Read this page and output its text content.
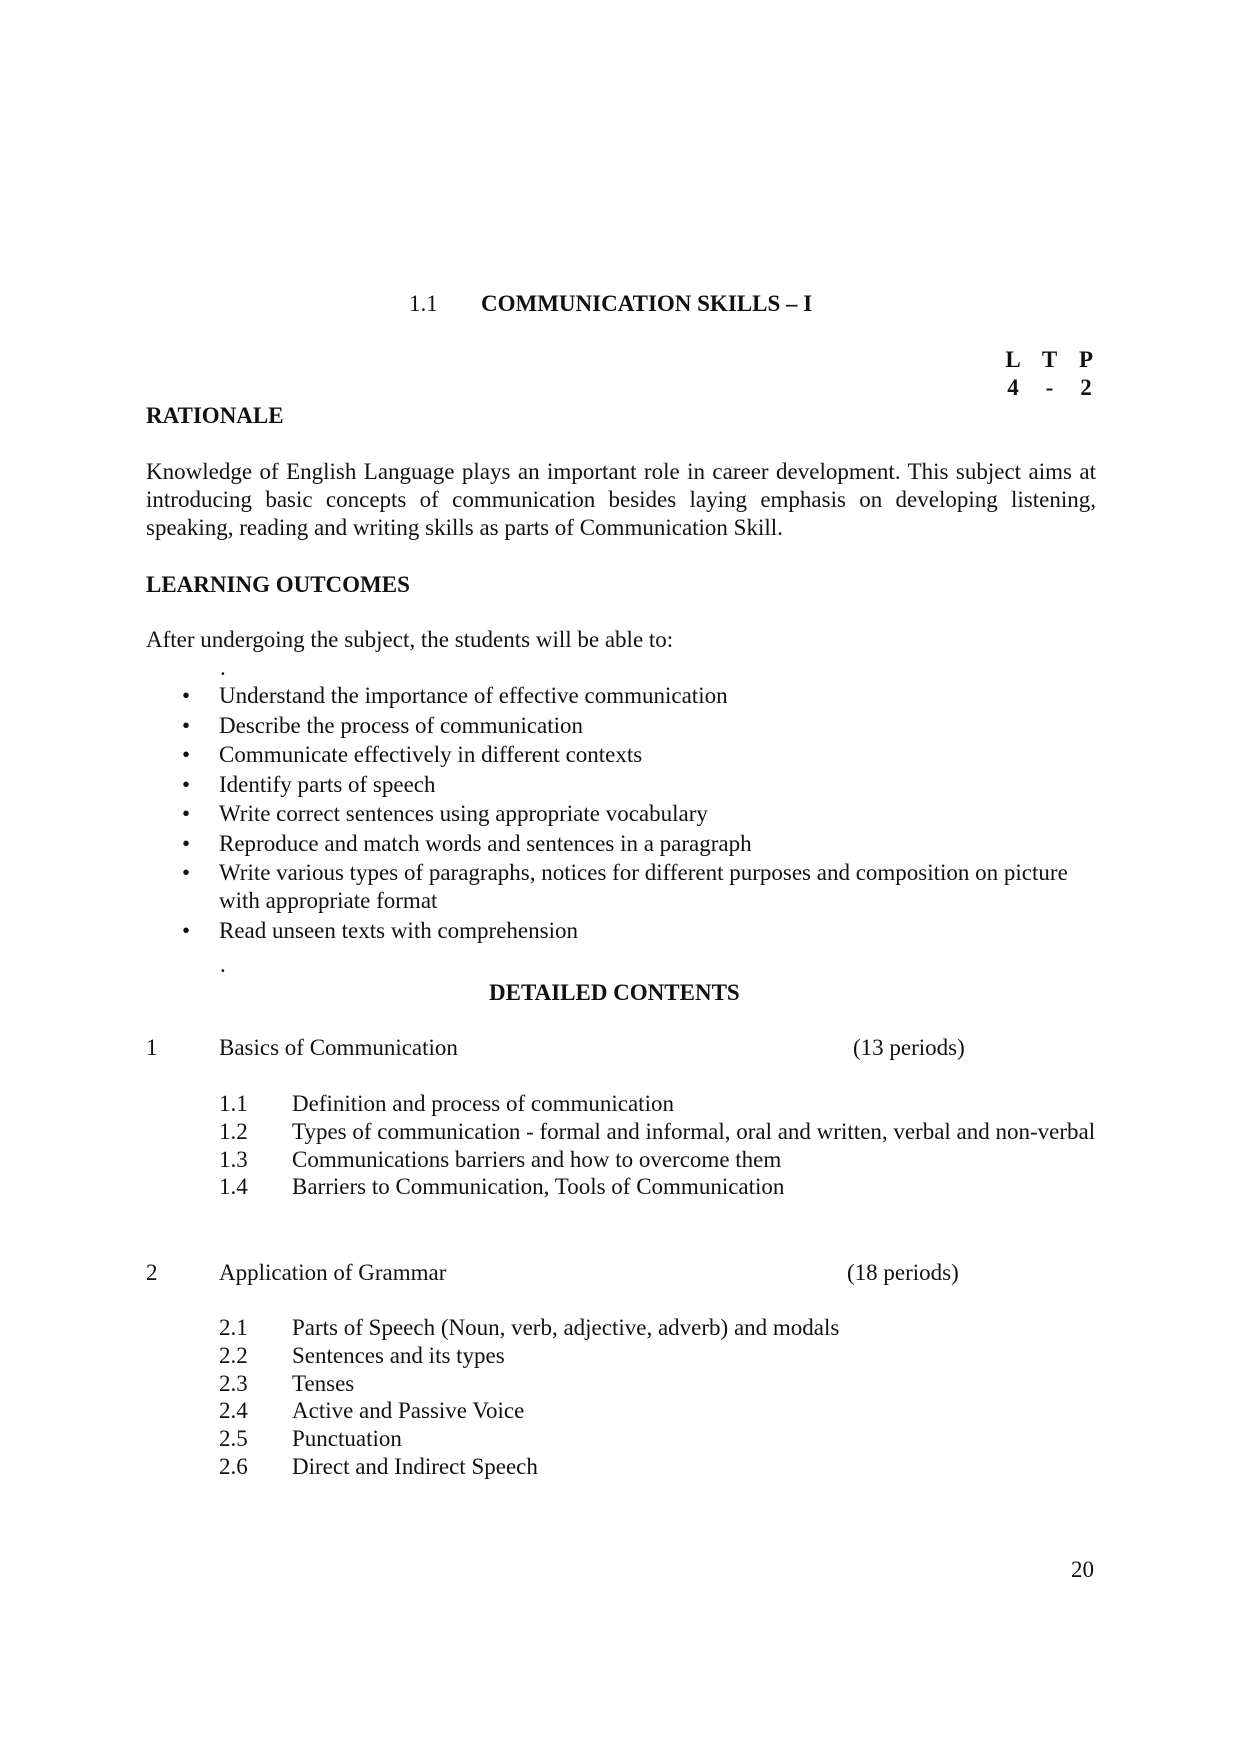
1.1 COMMUNICATION SKILLS – I
L T P
4	-	2
RATIONALE
Knowledge of English Language plays an important role in career development. This subject aims at introducing basic concepts of communication besides laying emphasis on developing listening, speaking, reading and writing skills as parts of Communication Skill.
LEARNING OUTCOMES
After undergoing the subject, the students will be able to:
.
• Understand the importance of effective communication
• Describe the process of communication
• Communicate effectively in different contexts
• Identify parts of speech
• Write correct sentences using appropriate vocabulary
• Reproduce and match words and sentences in a paragraph
• Write various types of paragraphs, notices for different purposes and composition on picture with appropriate format
• Read unseen texts with comprehension
.
DETAILED CONTENTS
1	Basics of Communication	(13 periods)
1.1 Definition and process of communication
1.2 Types of communication - formal and informal, oral and written, verbal and non-verbal
1.3 Communications barriers and how to overcome them
1.4 Barriers to Communication, Tools of Communication
2	Application of Grammar	(18 periods)
2.1 Parts of Speech (Noun, verb, adjective, adverb) and modals
2.2 Sentences and its types
2.3 Tenses
2.4 Active and Passive Voice
2.5 Punctuation
2.6 Direct and Indirect Speech
20
